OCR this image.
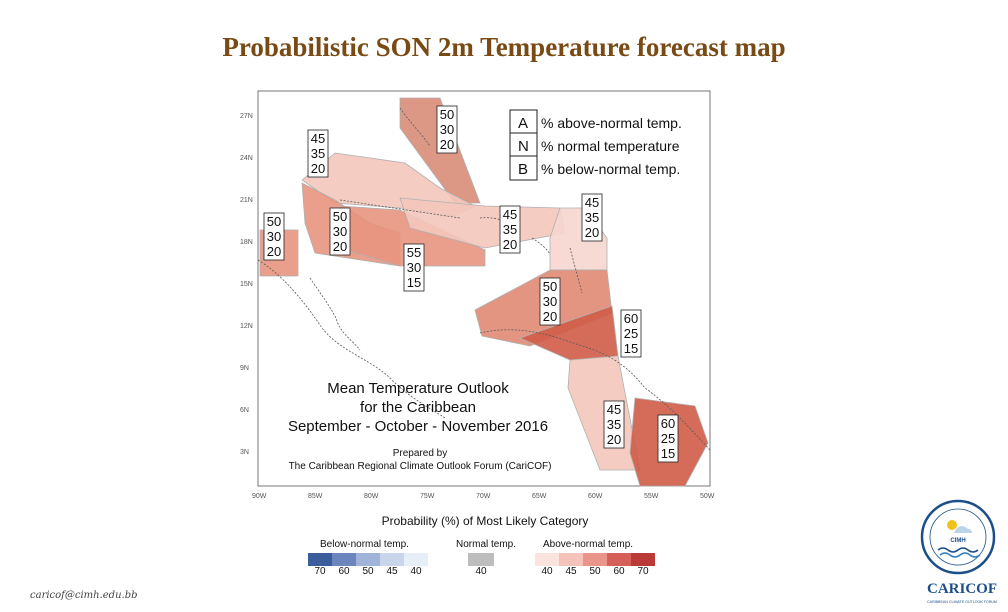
Probabilistic SON 2m Temperature forecast map
27N
24N
21N
18N
15N
12N
9N
6N
3N
90W	85W	80W	75W	70W	65W	60W	55W	50W
50
30
20
45
35
20
50
30
20
50
30
20	55
30
15
45
35
20
45
35
20
50
30
20	60
25
15
45
35
20
60
25
15
A
N
B
% above-normal temp.
% normal temperature
% below-normal temp.
Mean Temperature Outlook
for the Caribbean
September - October - November 2016
Prepared by
The Caribbean Regional Climate Outlook Forum (CariCOF)
Probability (%) of Most Likely Category
Below-normal temp.	Normal temp.	Above-normal temp.
70	60	50	45	40	40	40	45	50	60	70
caricof@cimh.edu.bb
CIMH
CARICOF
CARIBBEAN CLIMATE OUTLOOK FORUM
